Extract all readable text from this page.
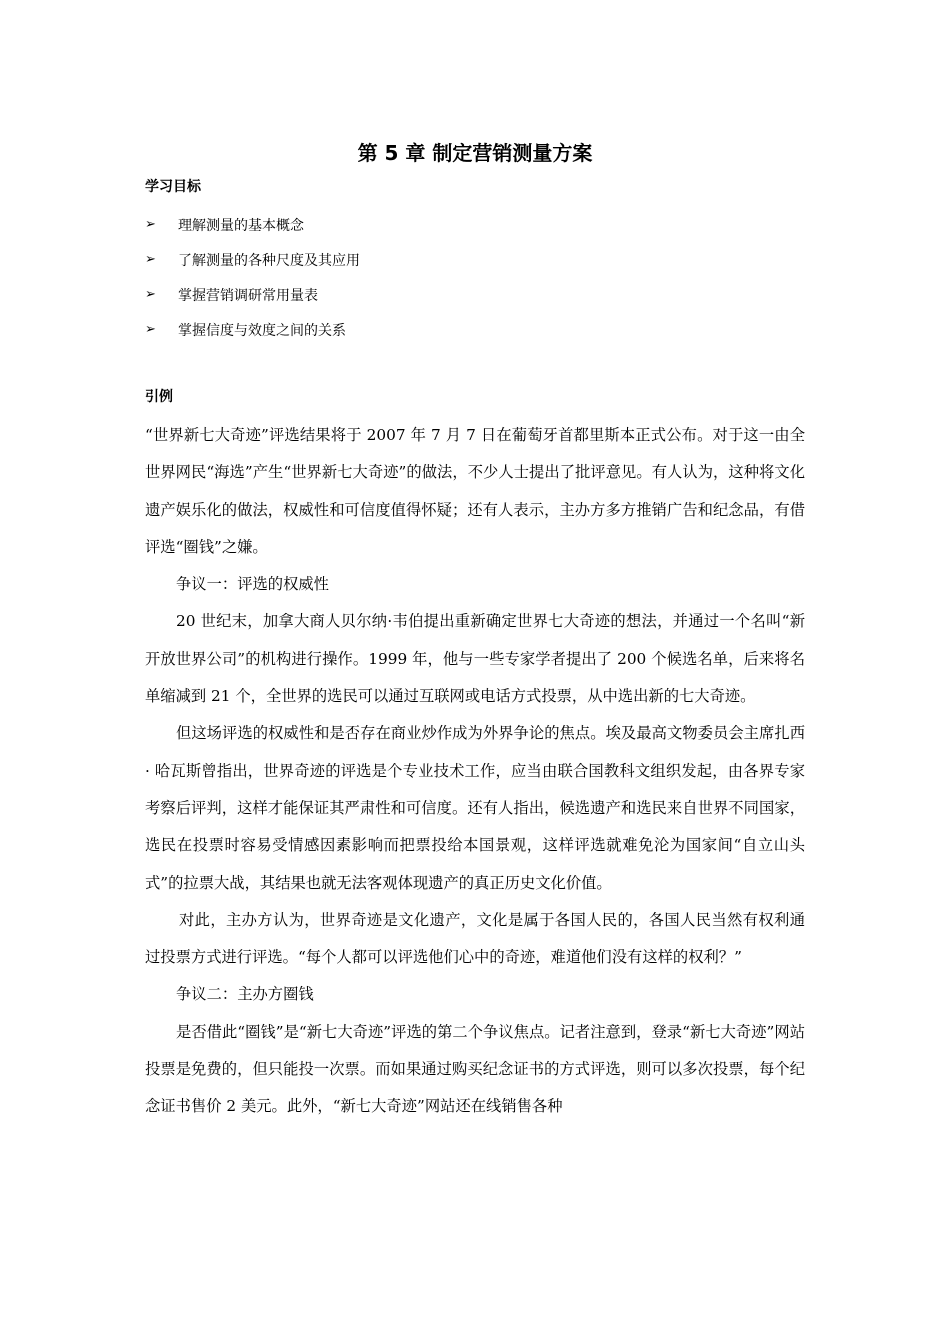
第 5 章 制定营销测量方案
学习目标
➢	理解测量的基本概念
➢	了解测量的各种尺度及其应用
➢	掌握营销调研常用量表
➢	掌握信度与效度之间的关系
引例

“世界新七大奇迹”评选结果将于 2007 年 7 月 7 日在葡萄牙首都里斯本正式公布。对于这一由全世界网民“海选”产生“世界新七大奇迹”的做法，不少人士提出了批评意见。有人认为，这种将文化遗产娱乐化的做法，权威性和可信度值得怀疑；还有人表示，主办方多方推销广告和纪念品，有借评选“圈钱”之嫌。

争议一：评选的权威性

20 世纪末，加拿大商人贝尔纳·韦伯提出重新确定世界七大奇迹的想法，并通过一个名叫“新开放世界公司”的机构进行操作。1999 年，他与一些专家学者提出了 200 个候选名单，后来将名单缩减到 21 个，全世界的选民可以通过互联网或电话方式投票，从中选出新的七大奇迹。

但这场评选的权威性和是否存在商业炒作成为外界争论的焦点。埃及最高文物委员会主席扎西· 哈瓦斯曾指出，世界奇迹的评选是个专业技术工作，应当由联合国教科文组织发起，由各界专家考察后评判，这样才能保证其严肃性和可信度。还有人指出，候选遗产和选民来自世界不同国家，选民在投票时容易受情感因素影响而把票投给本国景观，这样评选就难免沦为国家间“自立山头式”的拉票大战，其结果也就无法客观体现遗产的真正历史文化价值。

对此，主办方认为，世界奇迹是文化遗产，文化是属于各国人民的，各国人民当然有权利通过投票方式进行评选。“每个人都可以评选他们心中的奇迹，难道他们没有这样的权利？”

争议二：主办方圈钱

是否借此“圈钱”是“新七大奇迹”评选的第二个争议焦点。记者注意到，登录“新七大奇迹”网站投票是免费的，但只能投一次票。而如果通过购买纪念证书的方式评选，则可以多次投票，每个纪念证书售价 2 美元。此外，“新七大奇迹”网站还在线销售各种
